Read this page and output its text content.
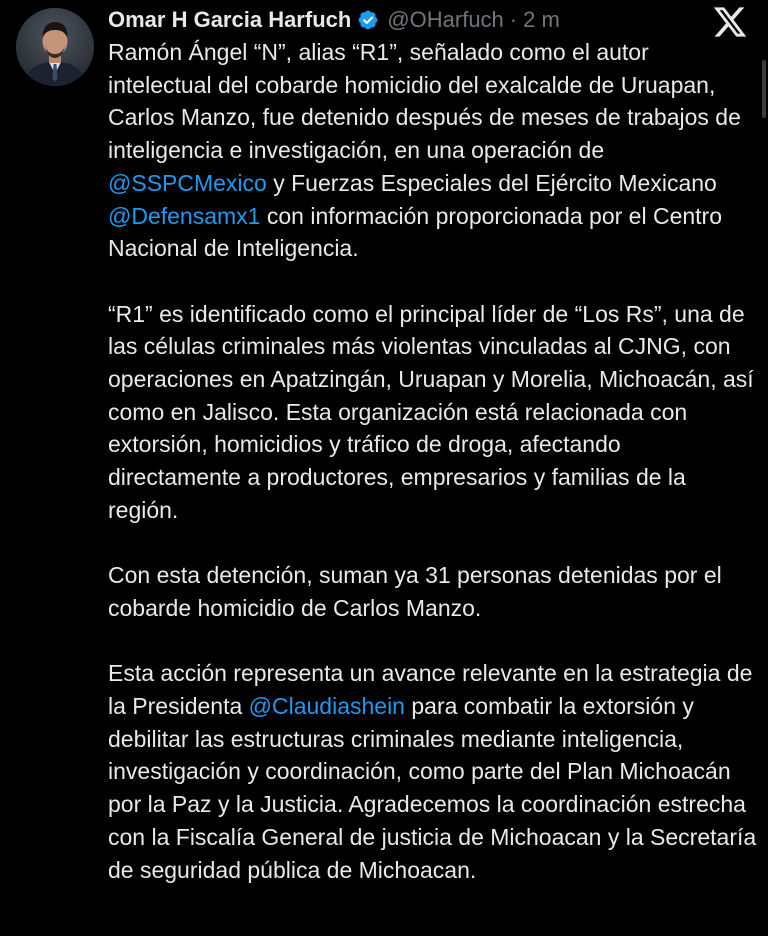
Omar H Garcia Harfuch @OHarfuch · 2 m

Ramón Ángel “N”, alias “R1”, señalado como el autor intelectual del cobarde homicidio del exalcalde de Uruapan, Carlos Manzo, fue detenido después de meses de trabajos de inteligencia e investigación, en una operación de @SSPCMexico y Fuerzas Especiales del Ejército Mexicano @Defensamx1 con información proporcionada por el Centro Nacional de Inteligencia.

“R1” es identificado como el principal líder de “Los Rs”, una de las células criminales más violentas vinculadas al CJNG, con operaciones en Apatzingán, Uruapan y Morelia, Michoacán, así como en Jalisco. Esta organización está relacionada con extorsión, homicidios y tráfico de droga, afectando directamente a productores, empresarios y familias de la región.

Con esta detención, suman ya 31 personas detenidas por el cobarde homicidio de Carlos Manzo.

Esta acción representa un avance relevante en la estrategia de la Presidenta @Claudiashein para combatir la extorsión y debilitar las estructuras criminales mediante inteligencia, investigación y coordinación, como parte del Plan Michoacán por la Paz y la Justicia. Agradecemos la coordinación estrecha con la Fiscalía General de justicia de Michoacan y la Secretaría de seguridad pública de Michoacan.
